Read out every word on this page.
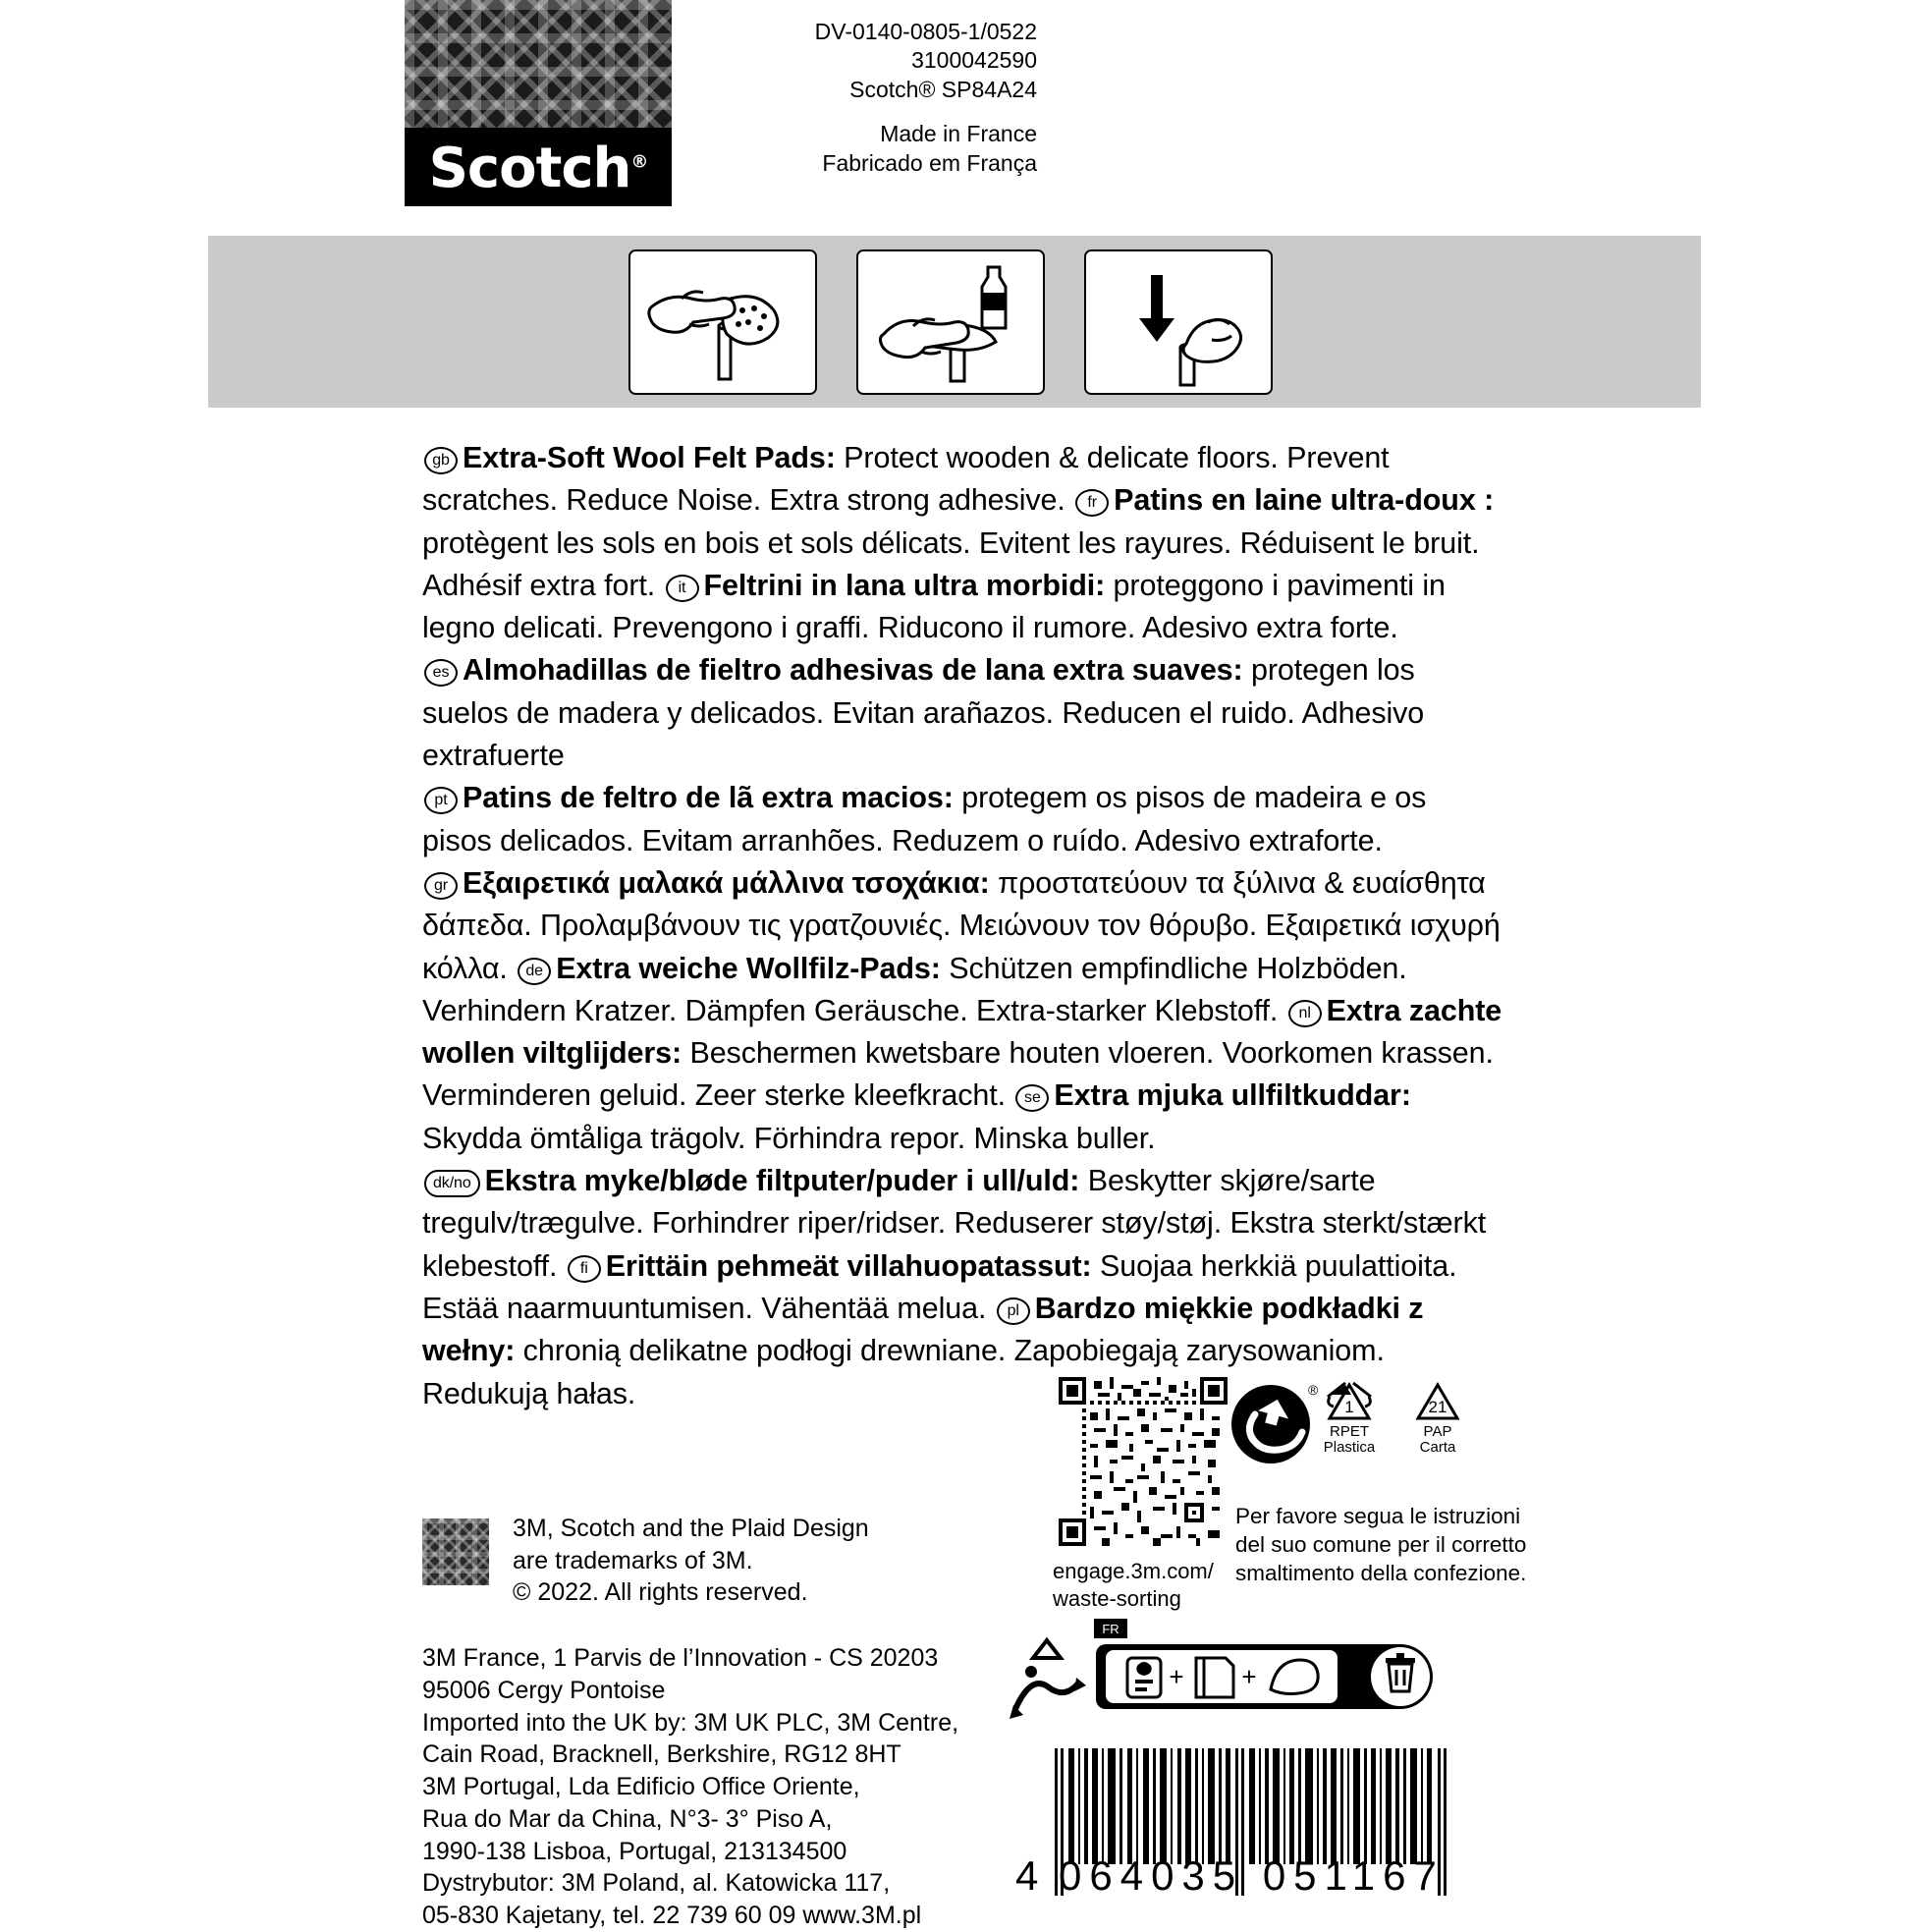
Scotch®
DV-0140-0805-1/0522
3100042590
Scotch® SP84A24
Made in France
Fabricado em França
gb Extra-Soft Wool Felt Pads: Protect wooden & delicate floors. Prevent scratches. Reduce Noise. Extra strong adhesive. fr Patins en laine ultra-doux : protègent les sols en bois et sols délicats. Evitent les rayures. Réduisent le bruit. Adhésif extra fort. it Feltrini in lana ultra morbidi: proteggono i pavimenti in legno delicati. Prevengono i graffi. Riducono il rumore. Adesivo extra forte.
es Almohadillas de fieltro adhesivas de lana extra suaves: protegen los suelos de madera y delicados. Evitan arañazos. Reducen el ruido. Adhesivo extrafuerte
pt Patins de feltro de lã extra macios: protegem os pisos de madeira e os pisos delicados. Evitam arranhões. Reduzem o ruído. Adesivo extraforte.
gr Εξαιρετικά μαλακά μάλλινα τσοχάκια: προστατεύουν τα ξύλινα & ευαίσθητα δάπεδα. Προλαμβάνουν τις γρατζουνιές. Μειώνουν τον θόρυβο. Εξαιρετικά ισχυρή κόλλα. de Extra weiche Wollfilz-Pads: Schützen empfindliche Holzböden. Verhindern Kratzer. Dämpfen Geräusche. Extra-starker Klebstoff. nl Extra zachte wollen viltglijders: Beschermen kwetsbare houten vloeren. Voorkomen krassen. Verminderen geluid. Zeer sterke kleefkracht. se Extra mjuka ullfiltkuddar: Skydda ömtåliga trägolv. Förhindra repor. Minska buller.
dk/no Ekstra myke/bløde filtputer/puder i ull/uld: Beskytter skjøre/sarte tregulv/trægulve. Forhindrer riper/ridser. Reduserer støy/støj. Ekstra sterkt/stærkt klebestoff. fi Erittäin pehmeät villahuopatassut: Suojaa herkkiä puulattioita. Estää naarmuuntumisen. Vähentää melua. pl Bardzo miękkie podkładki z wełny: chronią delikatne podłogi drewniane. Zapobiegają zarysowaniom. Redukują hałas.
3M, Scotch and the Plaid Design
are trademarks of 3M.
© 2022. All rights reserved.
3M France, 1 Parvis de l’Innovation - CS 20203
95006 Cergy Pontoise
Imported into the UK by: 3M UK PLC, 3M Centre,
Cain Road, Bracknell, Berkshire, RG12 8HT
3M Portugal, Lda Edificio Office Oriente,
Rua do Mar da China, N°3- 3° Piso A,
1990-138 Lisboa, Portugal, 213134500
Dystrybutor: 3M Poland, al. Katowicka 117,
05-830 Kajetany, tel. 22 739 60 09 www.3M.pl
engage.3m.com/
waste-sorting
®
1
RPET
Plastica
21
PAP
Carta
Per favore segua le istruzioni
del suo comune per il corretto
smaltimento della confezione.
FR
+ +
4 064035 051167
